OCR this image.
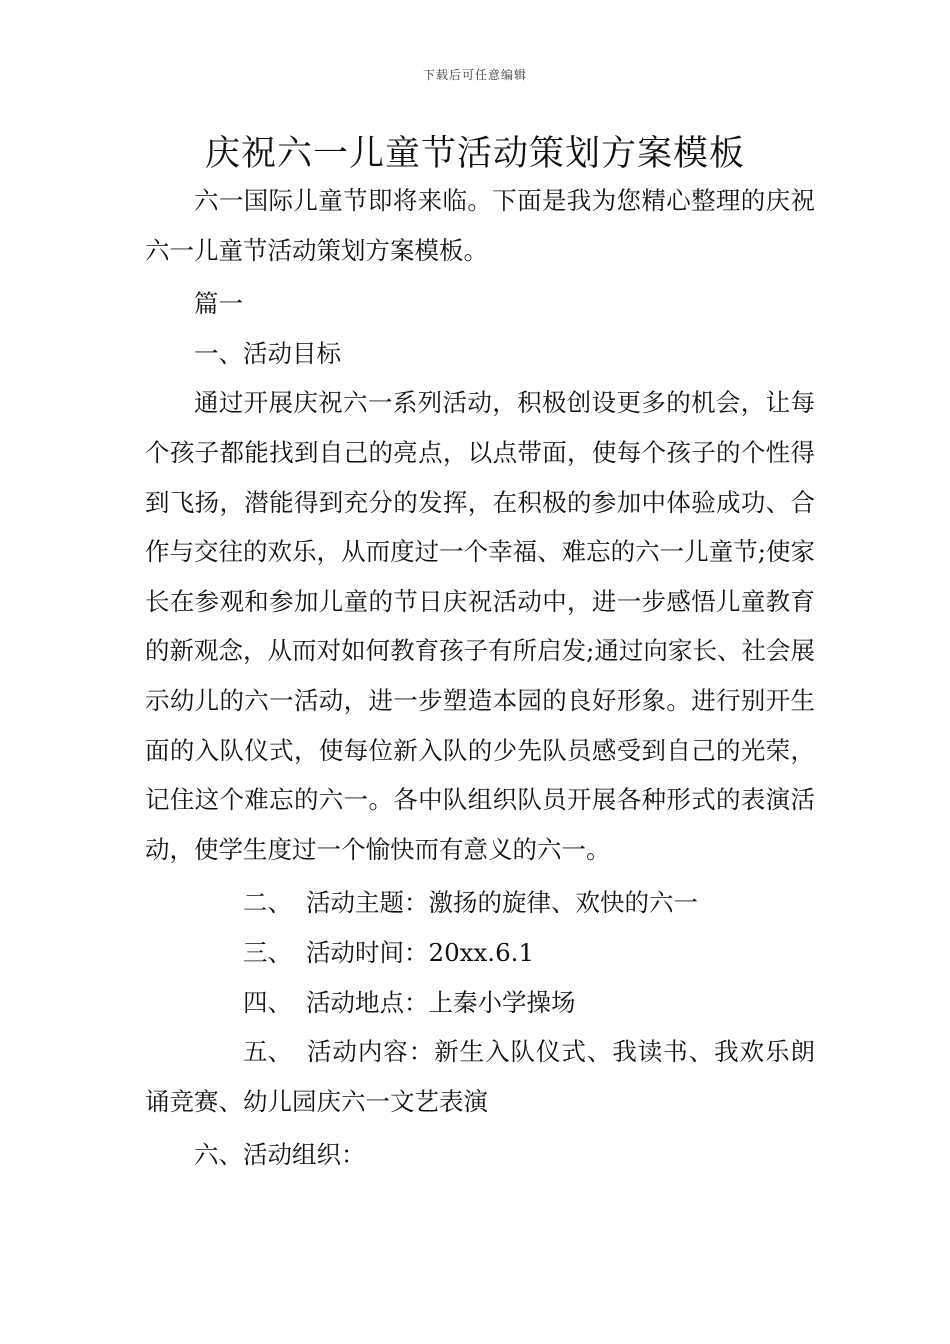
下载后可任意编辑
庆祝六一儿童节活动策划方案模板

六一国际儿童节即将来临。下面是我为您精心整理的庆祝六一儿童节活动策划方案模板。

篇一

一、活动目标

通过开展庆祝六一系列活动，积极创设更多的机会，让每个孩子都能找到自己的亮点，以点带面，使每个孩子的个性得到飞扬，潜能得到充分的发挥，在积极的参加中体验成功、合作与交往的欢乐，从而度过一个幸福、难忘的六一儿童节;使家长在参观和参加儿童的节日庆祝活动中，进一步感悟儿童教育的新观念，从而对如何教育孩子有所启发;通过向家长、社会展示幼儿的六一活动，进一步塑造本园的良好形象。进行别开生面的入队仪式，使每位新入队的少先队员感受到自己的光荣，记住这个难忘的六一。各中队组织队员开展各种形式的表演活动，使学生度过一个愉快而有意义的六一。

二、 活动主题：激扬的旋律、欢快的六一

三、 活动时间：20xx.6.1

四、 活动地点：上秦小学操场

五、 活动内容：新生入队仪式、我读书、我欢乐朗诵竞赛、幼儿园庆六一文艺表演

六、活动组织：
